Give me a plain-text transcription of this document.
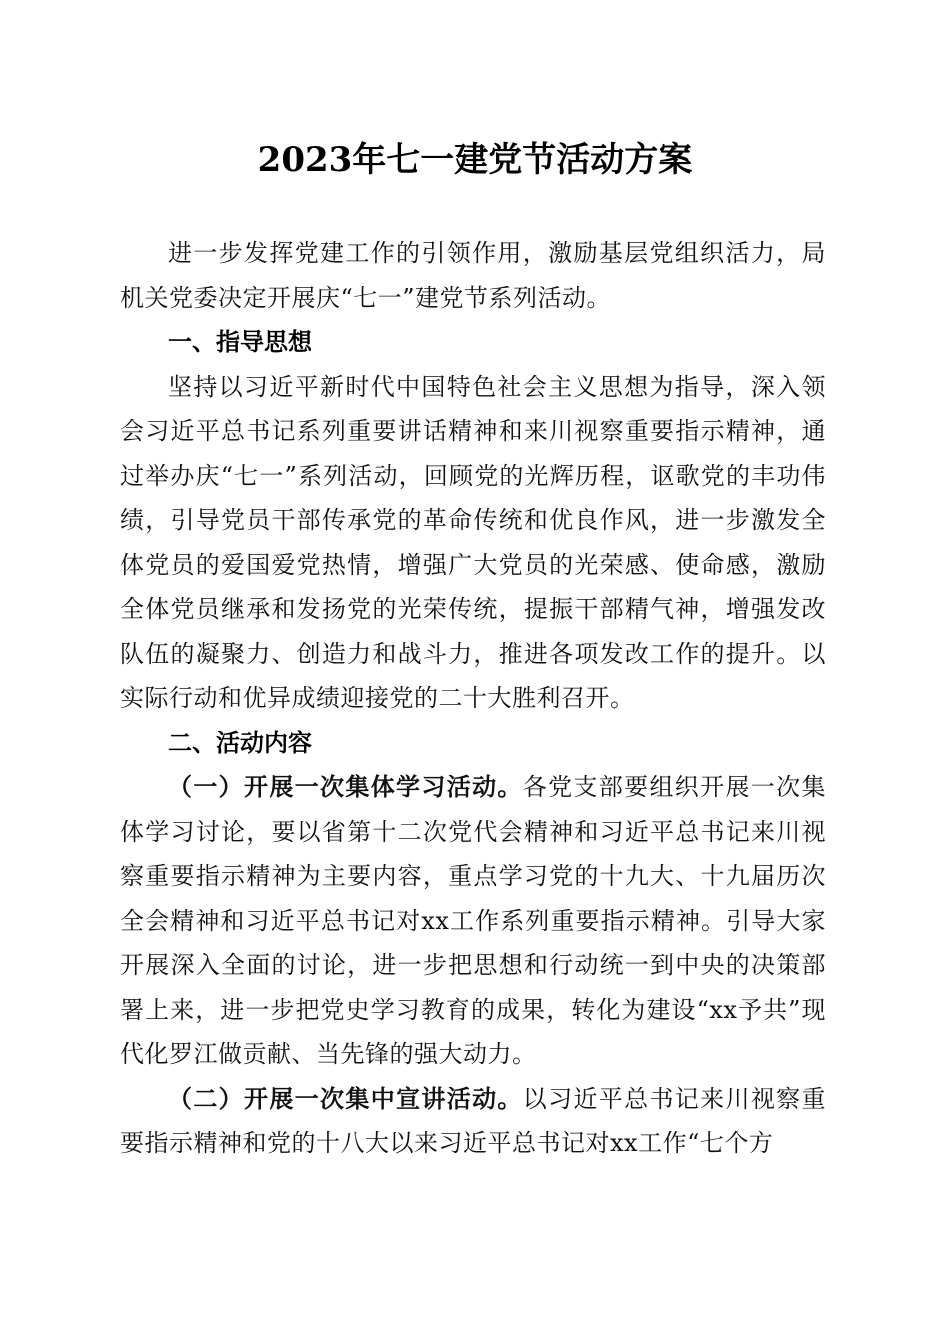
2023年七一建党节活动方案

进一步发挥党建工作的引领作用，激励基层党组织活力，局机关党委决定开展庆“七一”建党节系列活动。

一、指导思想

坚持以习近平新时代中国特色社会主义思想为指导，深入领会习近平总书记系列重要讲话精神和来川视察重要指示精神，通过举办庆“七一”系列活动，回顾党的光辉历程，讴歌党的丰功伟绩，引导党员干部传承党的革命传统和优良作风，进一步激发全体党员的爱国爱党热情，增强广大党员的光荣感、使命感，激励全体党员继承和发扬党的光荣传统，提振干部精气神，增强发改队伍的凝聚力、创造力和战斗力，推进各项发改工作的提升。以实际行动和优异成绩迎接党的二十大胜利召开。

二、活动内容

（一）开展一次集体学习活动。各党支部要组织开展一次集体学习讨论，要以省第十二次党代会精神和习近平总书记来川视察重要指示精神为主要内容，重点学习党的十九大、十九届历次全会精神和习近平总书记对xx工作系列重要指示精神。引导大家开展深入全面的讨论，进一步把思想和行动统一到中央的决策部署上来，进一步把党史学习教育的成果，转化为建设“xx予共”现代化罗江做贡献、当先锋的强大动力。

（二）开展一次集中宣讲活动。以习近平总书记来川视察重要指示精神和党的十八大以来习近平总书记对xx工作“七个方
